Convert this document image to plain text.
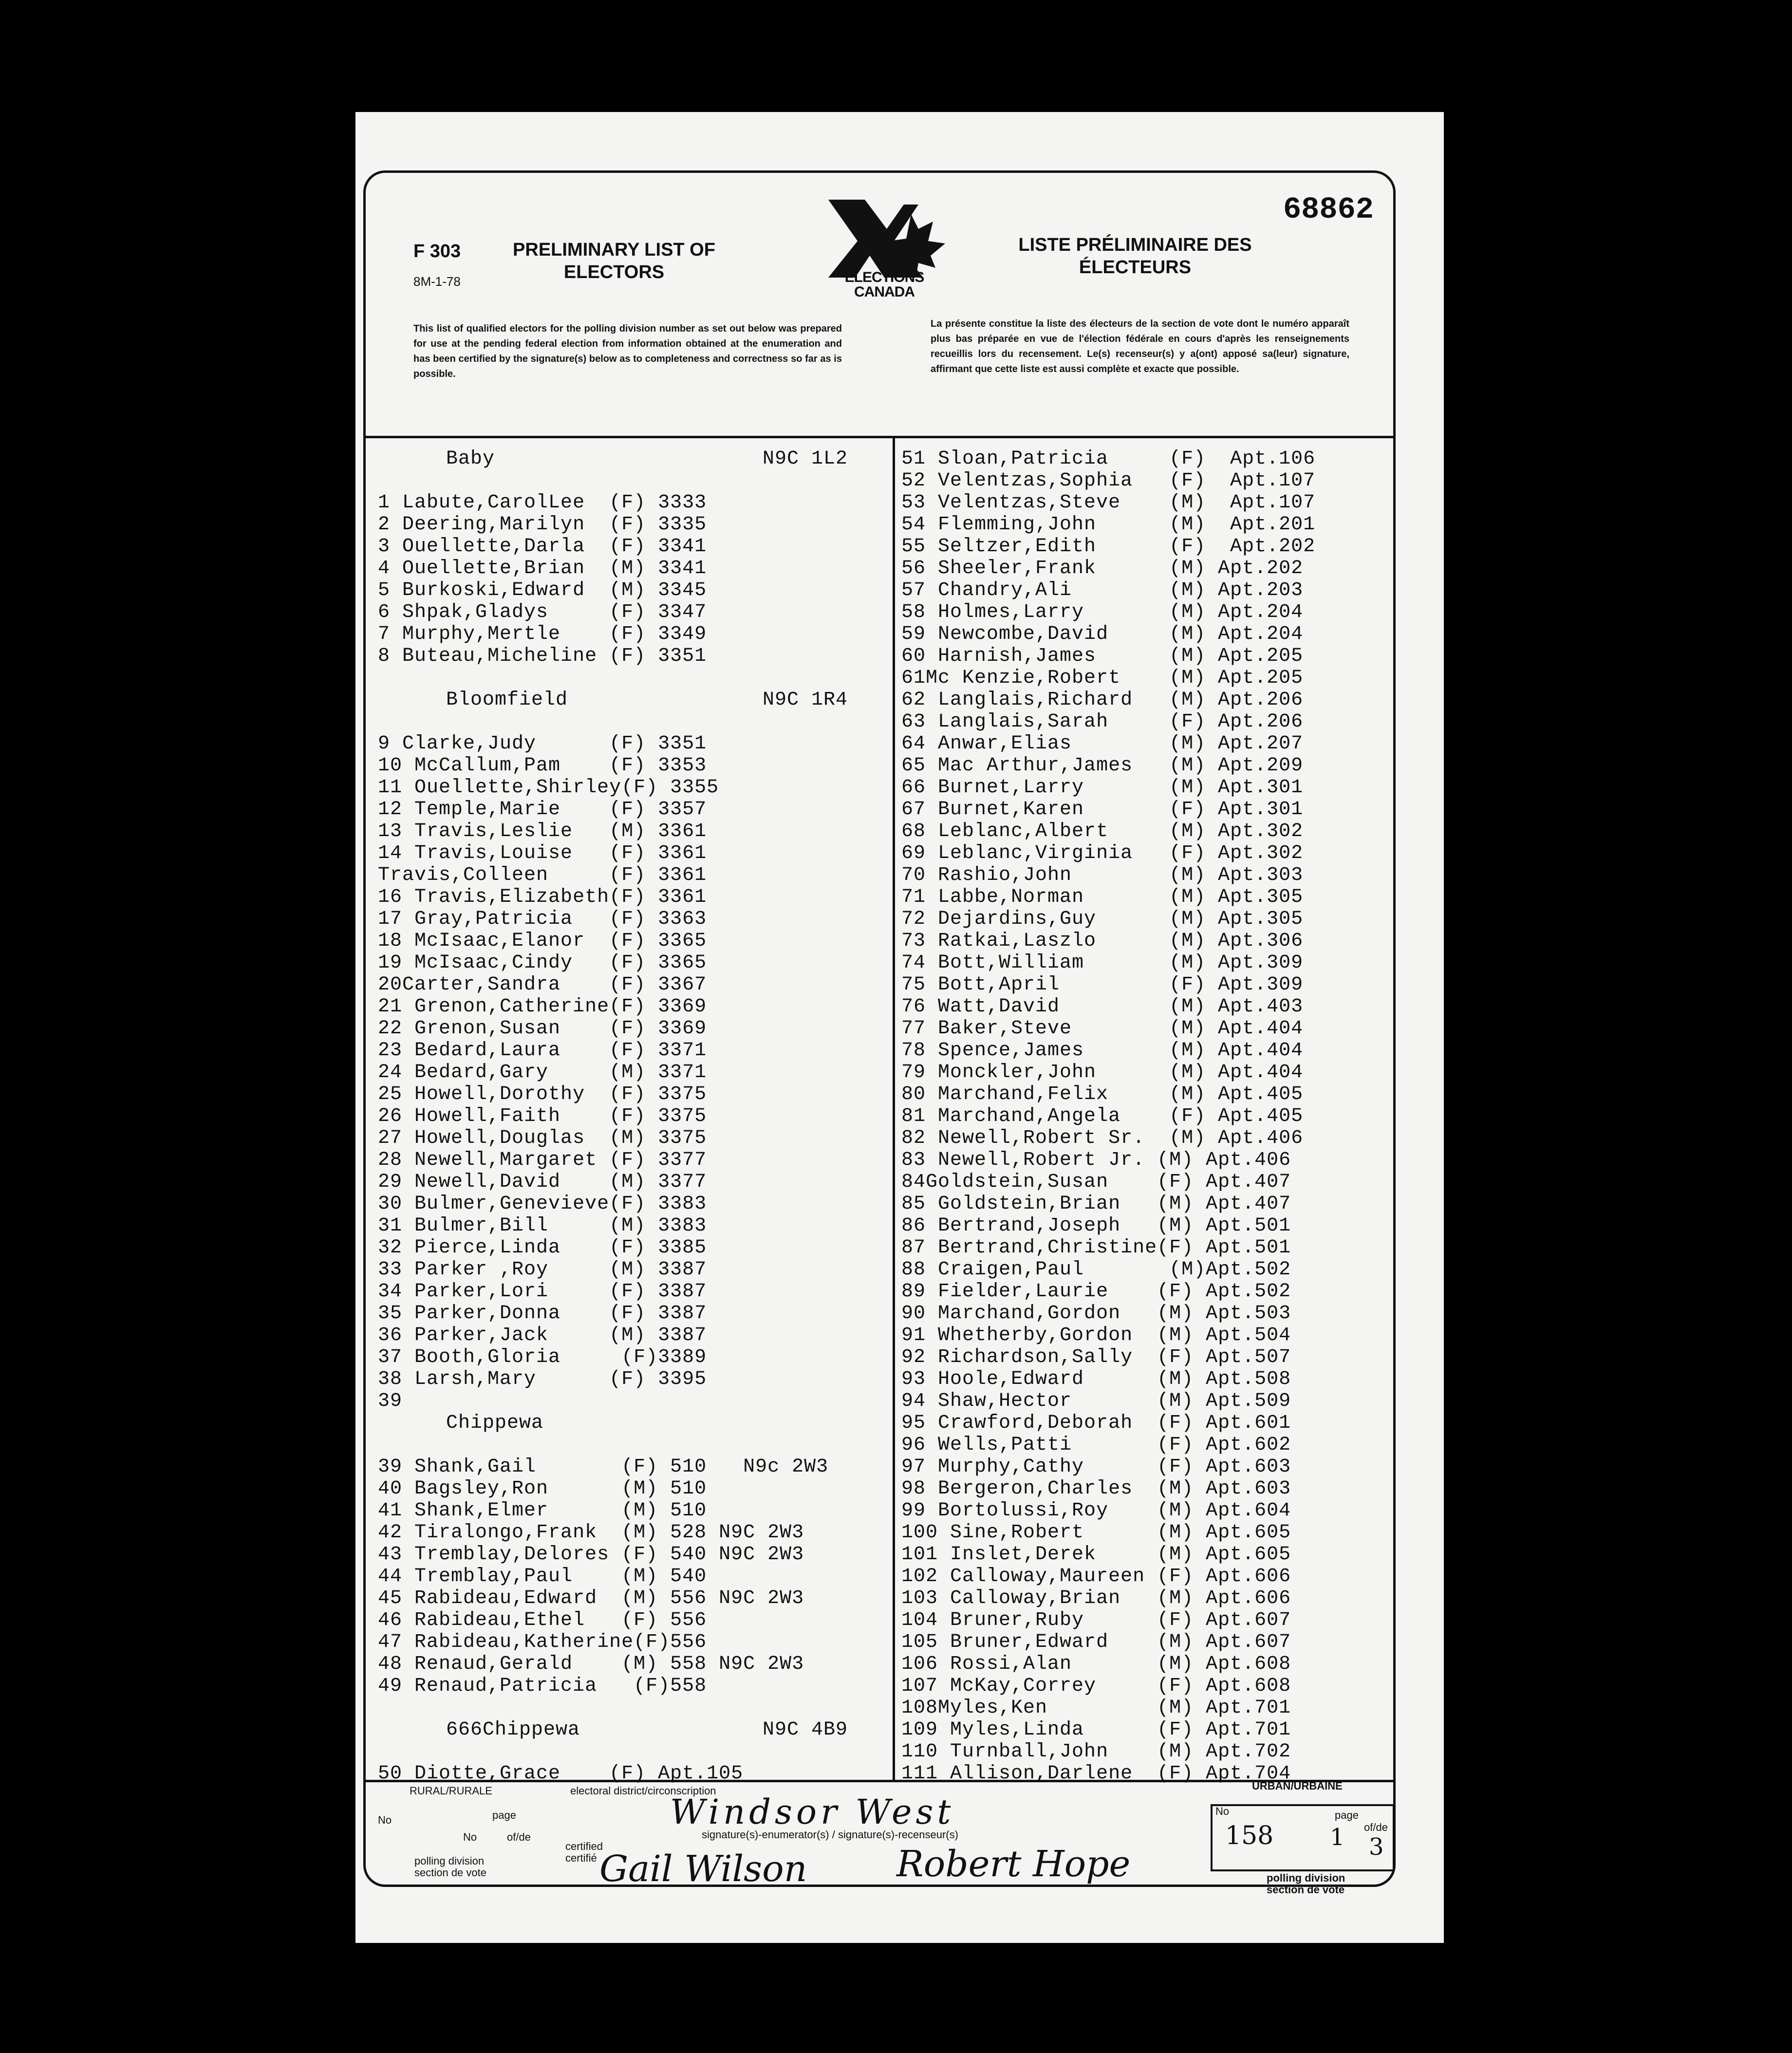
68862
F 303
8M-1-78
PRELIMINARY LIST OF ELECTORS
LISTE PRÉLIMINAIRE DES ÉLECTEURS
ELECTIONS CANADA
This list of qualified electors for the polling division number as set out below was prepared for use at the pending federal election from information obtained at the enumeration and has been certified by the signature(s) below as to completeness and correctness so far as is possible.
La présente constitue la liste des électeurs de la section de vote dont le numéro apparaît plus bas préparée en vue de l'élection fédérale en cours d'après les renseignements recueillis lors du recensement. Le(s) recenseur(s) y a(ont) apposé sa(leur) signature, affirmant que cette liste est aussi complète et exacte que possible.
Baby	N9C 1L2
1 Labute,CarolLee  (F) 3333
2 Deering,Marilyn  (F) 3335
3 Ouellette,Darla  (F) 3341
4 Ouellette,Brian  (M) 3341
5 Burkoski,Edward  (M) 3345
6 Shpak,Gladys     (F) 3347
7 Murphy,Mertle    (F) 3349
8 Buteau,Micheline (F) 3351
Bloomfield	N9C 1R4
9 Clarke,Judy      (F) 3351
10 McCallum,Pam    (F) 3353
11 Ouellette,Shirley(F) 3355
12 Temple,Marie    (F) 3357
13 Travis,Leslie   (M) 3361
14 Travis,Louise   (F) 3361
Travis,Colleen     (F) 3361
16 Travis,Elizabeth(F) 3361
17 Gray,Patricia   (F) 3363
18 McIsaac,Elanor  (F) 3365
19 McIsaac,Cindy   (F) 3365
20Carter,Sandra    (F) 3367
21 Grenon,Catherine(F) 3369
22 Grenon,Susan    (F) 3369
23 Bedard,Laura    (F) 3371
24 Bedard,Gary     (M) 3371
25 Howell,Dorothy  (F) 3375
26 Howell,Faith    (F) 3375
27 Howell,Douglas  (M) 3375
28 Newell,Margaret (F) 3377
29 Newell,David    (M) 3377
30 Bulmer,Genevieve(F) 3383
31 Bulmer,Bill     (M) 3383
32 Pierce,Linda    (F) 3385
33 Parker ,Roy     (M) 3387
34 Parker,Lori     (F) 3387
35 Parker,Donna    (F) 3387
36 Parker,Jack     (M) 3387
37 Booth,Gloria     (F)3389
38 Larsh,Mary      (F) 3395
39
Chippewa
39 Shank,Gail       (F) 510   N9c 2W3
40 Bagsley,Ron      (M) 510
41 Shank,Elmer      (M) 510
42 Tiralongo,Frank  (M) 528 N9C 2W3
43 Tremblay,Delores (F) 540 N9C 2W3
44 Tremblay,Paul    (M) 540
45 Rabideau,Edward  (M) 556 N9C 2W3
46 Rabideau,Ethel   (F) 556
47 Rabideau,Katherine(F)556
48 Renaud,Gerald    (M) 558 N9C 2W3
49 Renaud,Patricia   (F)558
666Chippewa	N9C 4B9
50 Diotte,Grace    (F) Apt.105
51 Sloan,Patricia     (F)  Apt.106
52 Velentzas,Sophia   (F)  Apt.107
53 Velentzas,Steve    (M)  Apt.107
54 Flemming,John      (M)  Apt.201
55 Seltzer,Edith      (F)  Apt.202
56 Sheeler,Frank      (M) Apt.202
57 Chandry,Ali        (M) Apt.203
58 Holmes,Larry       (M) Apt.204
59 Newcombe,David     (M) Apt.204
60 Harnish,James      (M) Apt.205
61Mc Kenzie,Robert    (M) Apt.205
62 Langlais,Richard   (M) Apt.206
63 Langlais,Sarah     (F) Apt.206
64 Anwar,Elias        (M) Apt.207
65 Mac Arthur,James   (M) Apt.209
66 Burnet,Larry       (M) Apt.301
67 Burnet,Karen       (F) Apt.301
68 Leblanc,Albert     (M) Apt.302
69 Leblanc,Virginia   (F) Apt.302
70 Rashio,John        (M) Apt.303
71 Labbe,Norman       (M) Apt.305
72 Dejardins,Guy      (M) Apt.305
73 Ratkai,Laszlo      (M) Apt.306
74 Bott,William       (M) Apt.309
75 Bott,April         (F) Apt.309
76 Watt,David         (M) Apt.403
77 Baker,Steve        (M) Apt.404
78 Spence,James       (M) Apt.404
79 Monckler,John      (M) Apt.404
80 Marchand,Felix     (M) Apt.405
81 Marchand,Angela    (F) Apt.405
82 Newell,Robert Sr.  (M) Apt.406
83 Newell,Robert Jr. (M) Apt.406
84Goldstein,Susan    (F) Apt.407
85 Goldstein,Brian   (M) Apt.407
86 Bertrand,Joseph   (M) Apt.501
87 Bertrand,Christine(F) Apt.501
88 Craigen,Paul       (M)Apt.502
89 Fielder,Laurie    (F) Apt.502
90 Marchand,Gordon   (M) Apt.503
91 Whetherby,Gordon  (M) Apt.504
92 Richardson,Sally  (F) Apt.507
93 Hoole,Edward      (M) Apt.508
94 Shaw,Hector       (M) Apt.509
95 Crawford,Deborah  (F) Apt.601
96 Wells,Patti       (F) Apt.602
97 Murphy,Cathy      (F) Apt.603
98 Bergeron,Charles  (M) Apt.603
99 Bortolussi,Roy    (M) Apt.604
100 Sine,Robert      (M) Apt.605
101 Inslet,Derek     (M) Apt.605
102 Calloway,Maureen (F) Apt.606
103 Calloway,Brian   (M) Apt.606
104 Bruner,Ruby      (F) Apt.607
105 Bruner,Edward    (M) Apt.607
106 Rossi,Alan       (M) Apt.608
107 McKay,Correy     (F) Apt.608
108Myles,Ken         (M) Apt.701
109 Myles,Linda      (F) Apt.701
110 Turnball,John    (M) Apt.702
111 Allison,Darlene  (F) Apt.704
RURAL/RURALE	electoral district/circonscription	URBAN/URBAINE
No	page
No	of/de
polling division section de vote
Windsor West
signature(s)-enumerator(s) / signature(s)-recenseur(s)
certified certifié Gail Wilson Robert Hope
No	page
158 1 of/de
3
polling division section de vote
